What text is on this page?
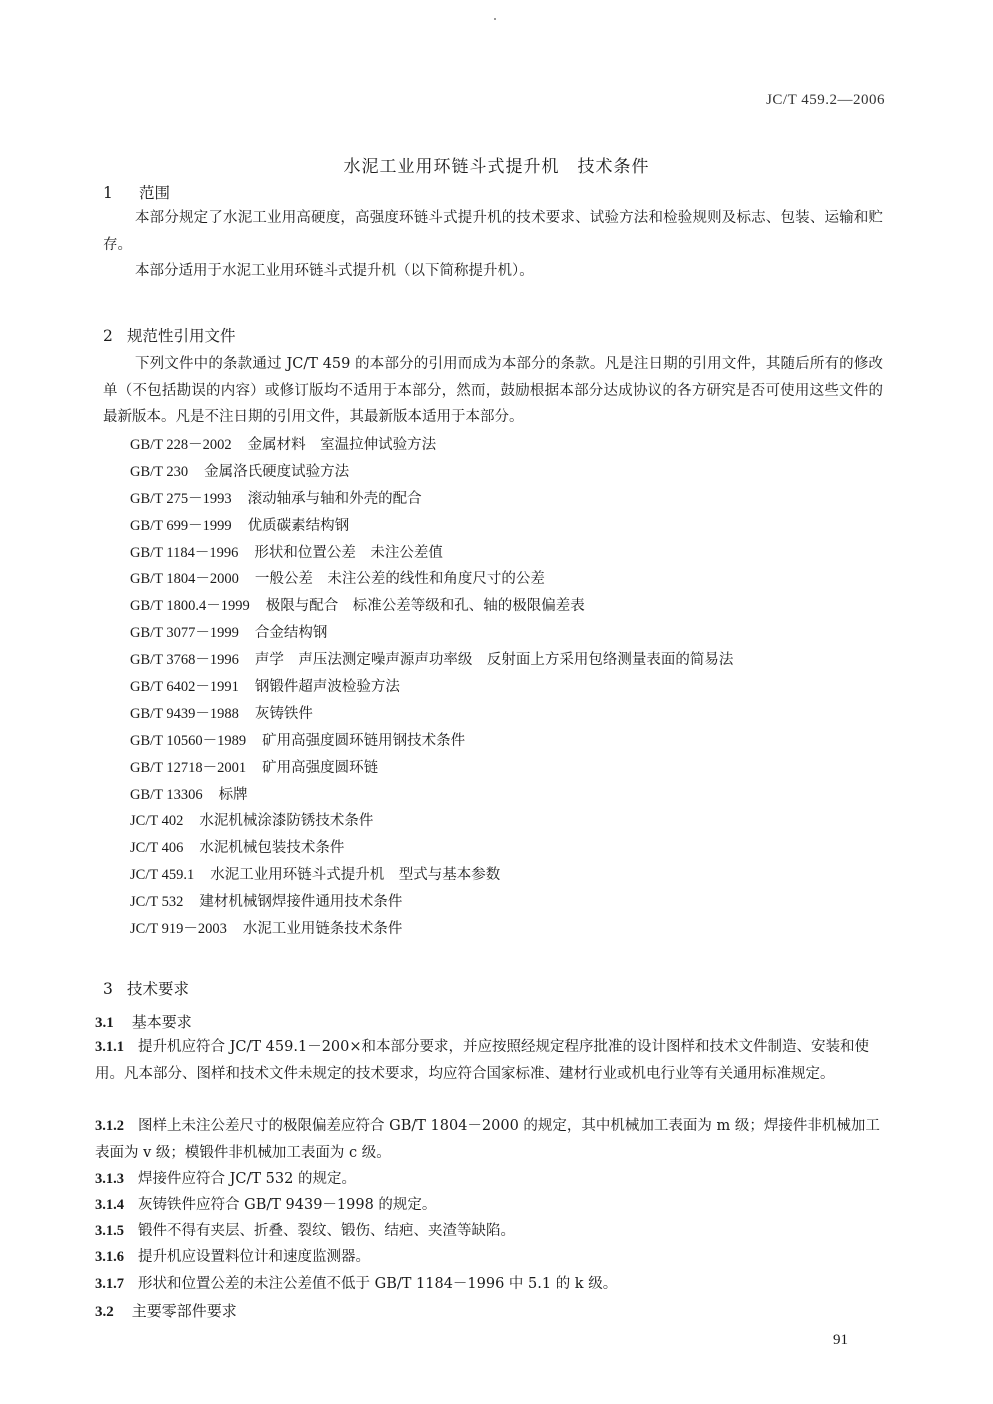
JC/T 459.2—2006
水泥工业用环链斗式提升机　技术条件
1 范围

本部分规定了水泥工业用高硬度，高强度环链斗式提升机的技术要求、试验方法和检验规则及标志、包装、运输和贮存。

本部分适用于水泥工业用环链斗式提升机（以下简称提升机）。

2 规范性引用文件

下列文件中的条款通过 JC/T 459 的本部分的引用而成为本部分的条款。凡是注日期的引用文件，其随后所有的修改单（不包括勘误的内容）或修订版均不适用于本部分，然而，鼓励根据本部分达成协议的各方研究是否可使用这些文件的最新版本。凡是不注日期的引用文件，其最新版本适用于本部分。

GB/T 228－2002 金属材料　室温拉伸试验方法
GB/T 230 金属洛氏硬度试验方法
GB/T 275－1993 滚动轴承与轴和外壳的配合
GB/T 699－1999 优质碳素结构钢
GB/T 1184－1996 形状和位置公差　未注公差值
GB/T 1804－2000 一般公差　未注公差的线性和角度尺寸的公差
GB/T 1800.4－1999 极限与配合　标准公差等级和孔、轴的极限偏差表
GB/T 3077－1999 合金结构钢
GB/T 3768－1996 声学　声压法测定噪声源声功率级　反射面上方采用包络测量表面的简易法
GB/T 6402－1991 钢锻件超声波检验方法
GB/T 9439－1988 灰铸铁件
GB/T 10560－1989 矿用高强度圆环链用钢技术条件
GB/T 12718－2001 矿用高强度圆环链
GB/T 13306 标牌
JC/T 402 水泥机械涂漆防锈技术条件
JC/T 406 水泥机械包装技术条件
JC/T 459.1 水泥工业用环链斗式提升机　型式与基本参数
JC/T 532 建材机械钢焊接件通用技术条件
JC/T 919－2003 水泥工业用链条技术条件
3 技术要求
3.1 基本要求

3.1.1 提升机应符合 JC/T 459.1－200×和本部分要求，并应按照经规定程序批准的设计图样和技术文件制造、安装和使用。凡本部分、图样和技术文件未规定的技术要求，均应符合国家标准、建材行业或机电行业等有关通用标准规定。

3.1.2 图样上未注公差尺寸的极限偏差应符合 GB/T 1804－2000 的规定，其中机械加工表面为 m 级；焊接件非机械加工表面为 v 级；模锻件非机械加工表面为 c 级。

3.1.3 焊接件应符合 JC/T 532 的规定。

3.1.4 灰铸铁件应符合 GB/T 9439－1998 的规定。

3.1.5 锻件不得有夹层、折叠、裂纹、锻伤、结疤、夹渣等缺陷。

3.1.6 提升机应设置料位计和速度监测器。

3.1.7 形状和位置公差的未注公差值不低于 GB/T 1184－1996 中 5.1 的 k 级。

3.2 主要零部件要求
91
